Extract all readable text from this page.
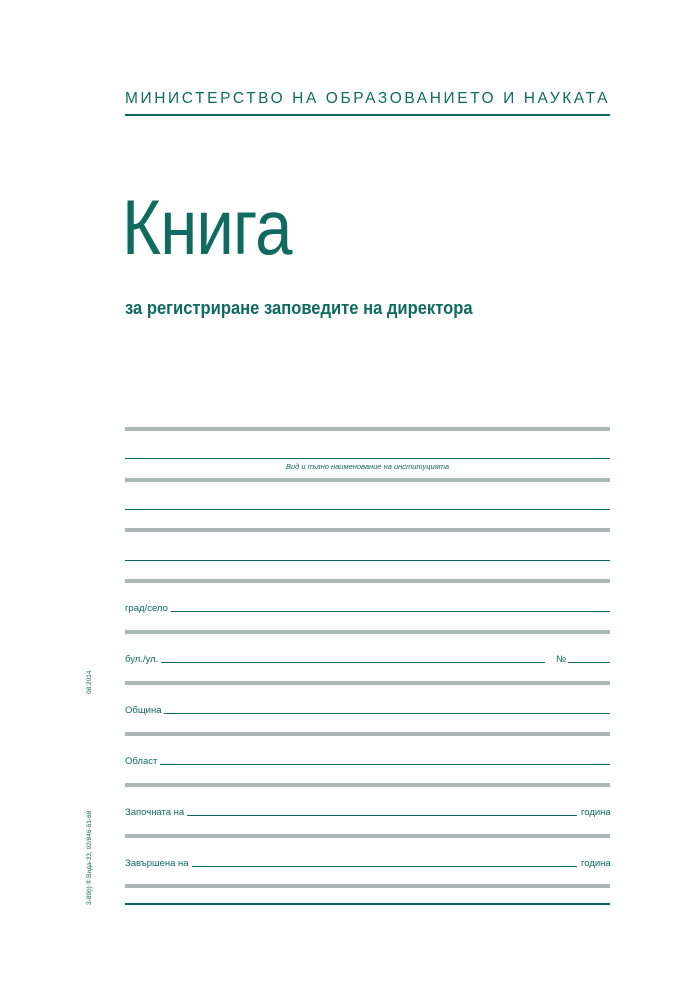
МИНИСТЕРСТВО НА ОБРАЗОВАНИЕТО И НАУКАТА
Книга
за регистриране заповедите на директора
Вид и пълно наименование на институцията
град/село
бул./ул.	№
Община
Област
Започната на	година
Завършена на	година
08.2014
3-89(i) ® Вида-33, 02/846-61-68
